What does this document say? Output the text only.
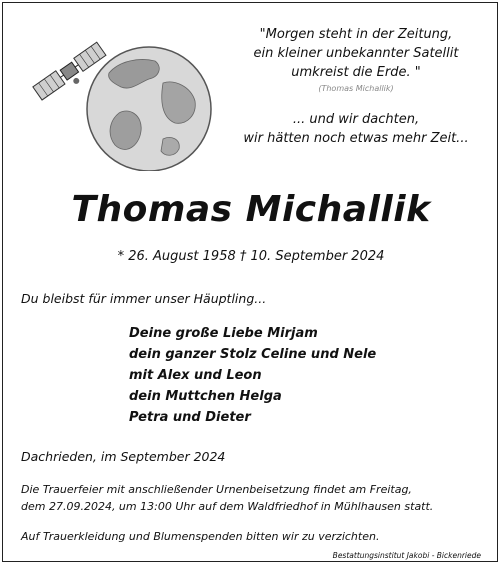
"Morgen steht in der Zeitung,
ein kleiner unbekannter Satellit
umkreist die Erde. "
(Thomas Michallik)
... und wir dachten,
wir hätten noch etwas mehr Zeit...
Thomas Michallik
* 26. August 1958 † 10. September 2024
Du bleibst für immer unser Häuptling...
Deine große Liebe Mirjam
dein ganzer Stolz Celine und Nele
mit Alex und Leon
dein Muttchen Helga
Petra und Dieter
Dachrieden, im September 2024
Die Trauerfeier mit anschließender Urnenbeisetzung findet am Freitag,
dem 27.09.2024, um 13:00 Uhr auf dem Waldfriedhof in Mühlhausen statt.
Auf Trauerkleidung und Blumenspenden bitten wir zu verzichten.
Bestattungsinstitut Jakobi - Bickenriede
